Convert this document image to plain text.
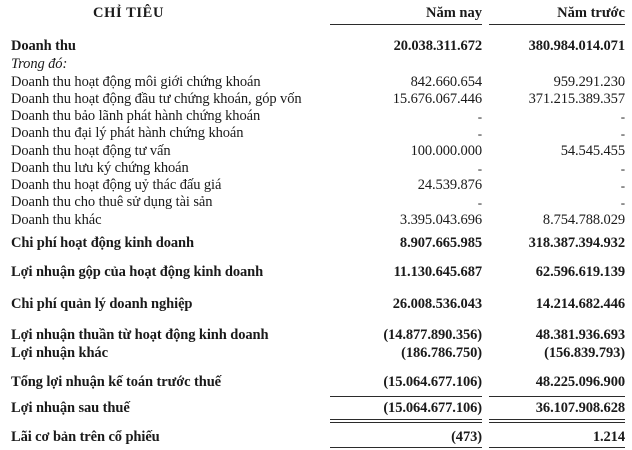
CHỈ TIÊU	Năm nay	Năm trước
Doanh thu	20.038.311.672	380.984.014.071
Trong đó:
Doanh thu hoạt động môi giới chứng khoán	842.660.654	959.291.230
Doanh thu hoạt động đầu tư chứng khoán, góp vốn	15.676.067.446	371.215.389.357
Doanh thu bảo lãnh phát hành chứng khoán	-	-
Doanh thu đại lý phát hành chứng khoán	-	-
Doanh thu hoạt động tư vấn	100.000.000	54.545.455
Doanh thu lưu ký chứng khoán	-	-
Doanh thu hoạt động uỷ thác đấu giá	24.539.876	-
Doanh thu cho thuê sử dụng tài sản	-	-
Doanh thu khác	3.395.043.696	8.754.788.029
Chi phí hoạt động kinh doanh	8.907.665.985	318.387.394.932
Lợi nhuận gộp của hoạt động kinh doanh	11.130.645.687	62.596.619.139
Chi phí quản lý doanh nghiệp	26.008.536.043	14.214.682.446
Lợi nhuận thuần từ hoạt động kinh doanh	(14.877.890.356)	48.381.936.693
Lợi nhuận khác	(186.786.750)	(156.839.793)
Tổng lợi nhuận kế toán trước thuế	(15.064.677.106)	48.225.096.900
Lợi nhuận sau thuế	(15.064.677.106)	36.107.908.628
Lãi cơ bản trên cổ phiếu	(473)	1.214
